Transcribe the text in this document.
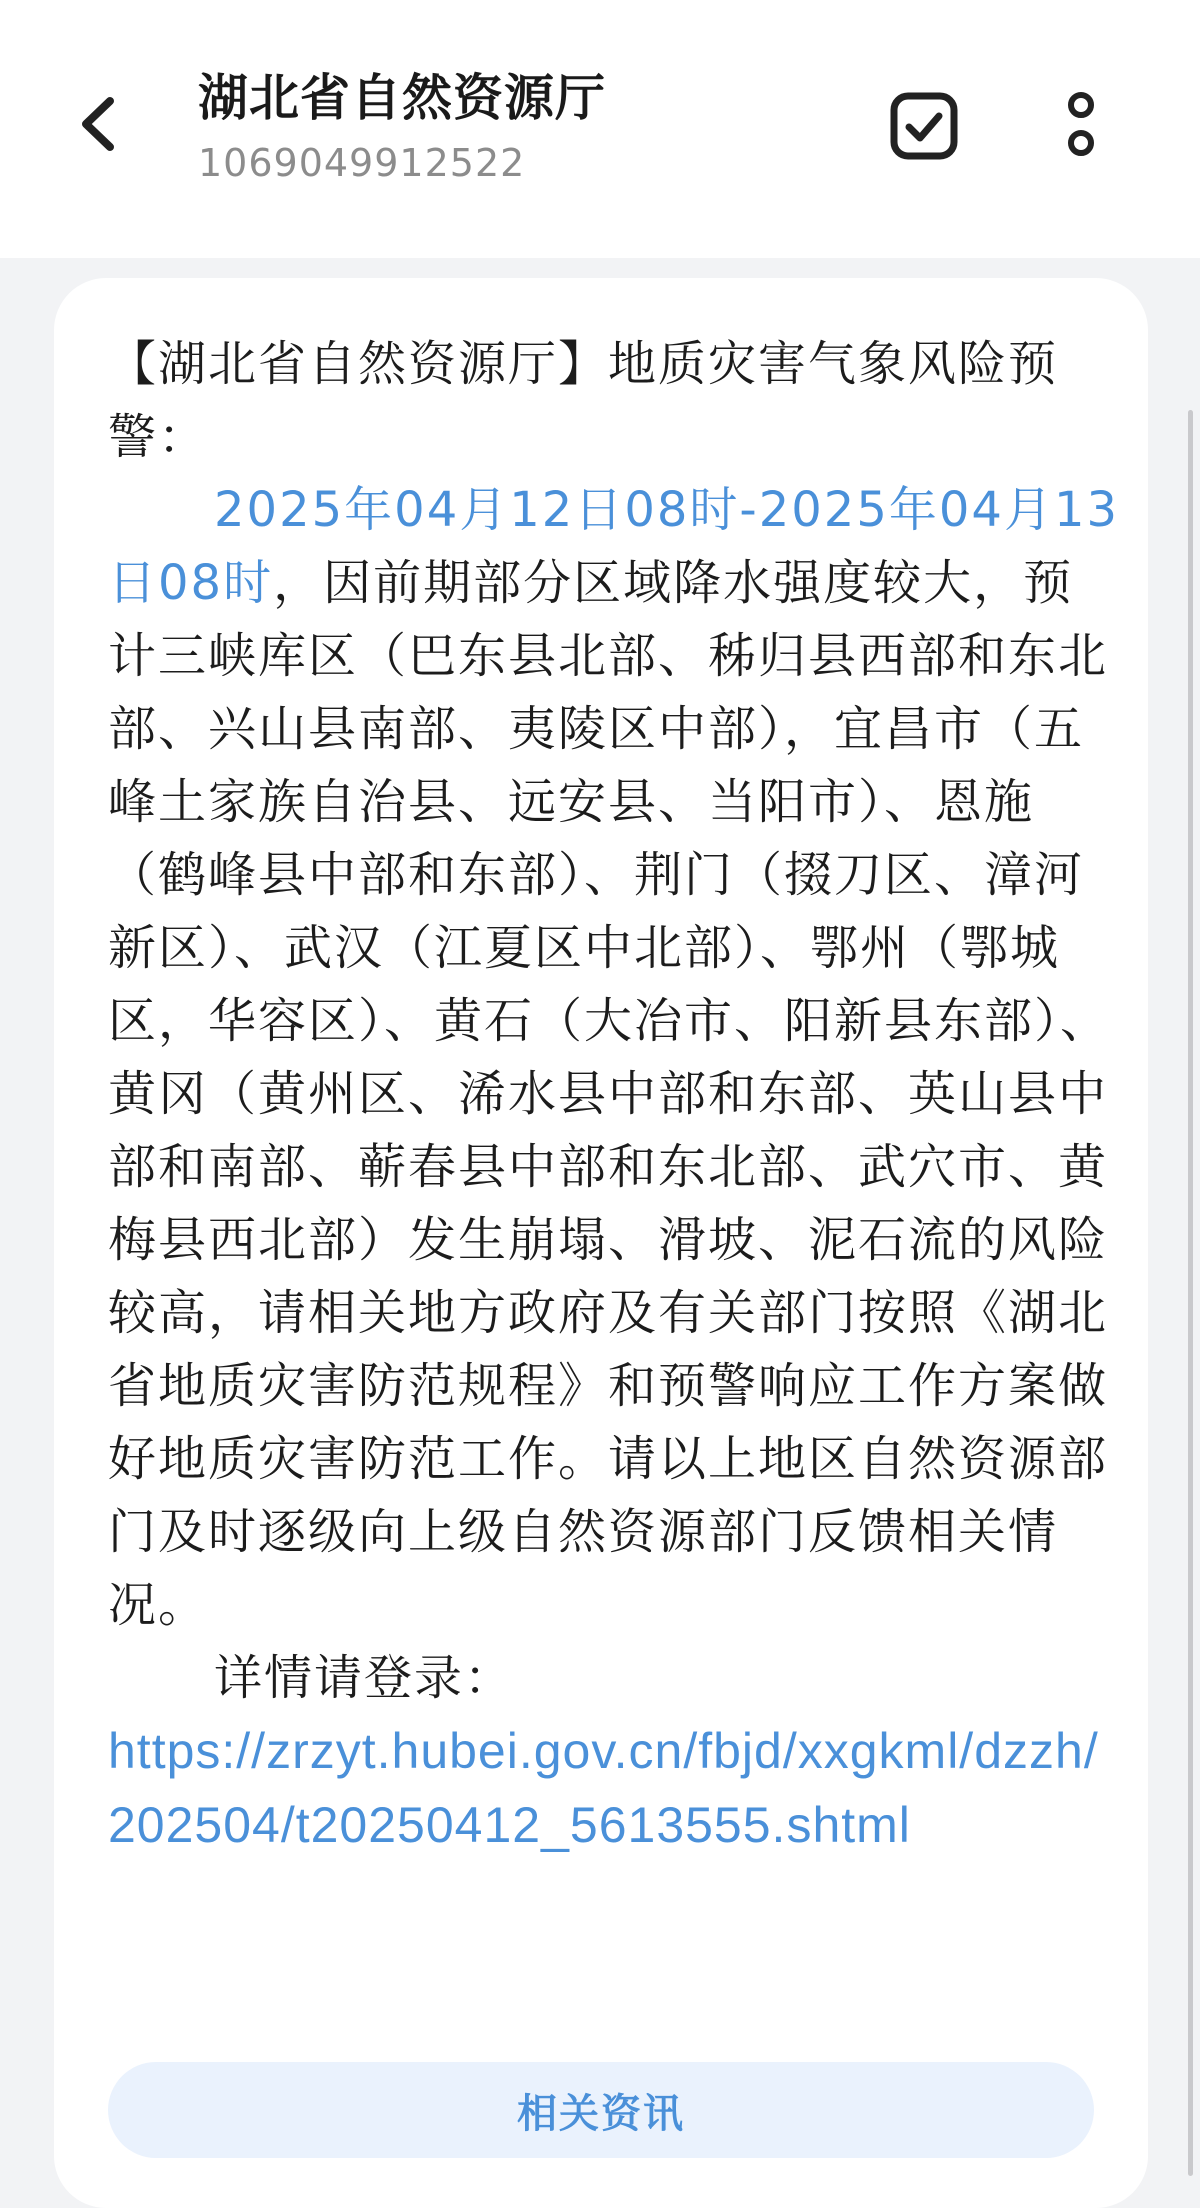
湖北省自然资源厅
1069049912522

【湖北省自然资源厅】地质灾害气象风险预警：

2025年04月12日08时-2025年04月13日08时，因前期部分区域降水强度较大，预计三峡库区（巴东县北部、秭归县西部和东北部、兴山县南部、夷陵区中部），宜昌市（五峰土家族自治县、远安县、当阳市）、恩施（鹤峰县中部和东部）、荆门（掇刀区、漳河新区）、武汉（江夏区中北部）、鄂州（鄂城区，华容区）、黄石（大冶市、阳新县东部）、黄冈（黄州区、浠水县中部和东部、英山县中部和南部、蕲春县中部和东北部、武穴市、黄梅县西北部）发生崩塌、滑坡、泥石流的风险较高，请相关地方政府及有关部门按照《湖北省地质灾害防范规程》和预警响应工作方案做好地质灾害防范工作。请以上地区自然资源部门及时逐级向上级自然资源部门反馈相关情况。

详情请登录：

https://zrzyt.hubei.gov.cn/fbjd/xxgkml/dzzh/202504/t20250412_5613555.shtml

相关资讯
